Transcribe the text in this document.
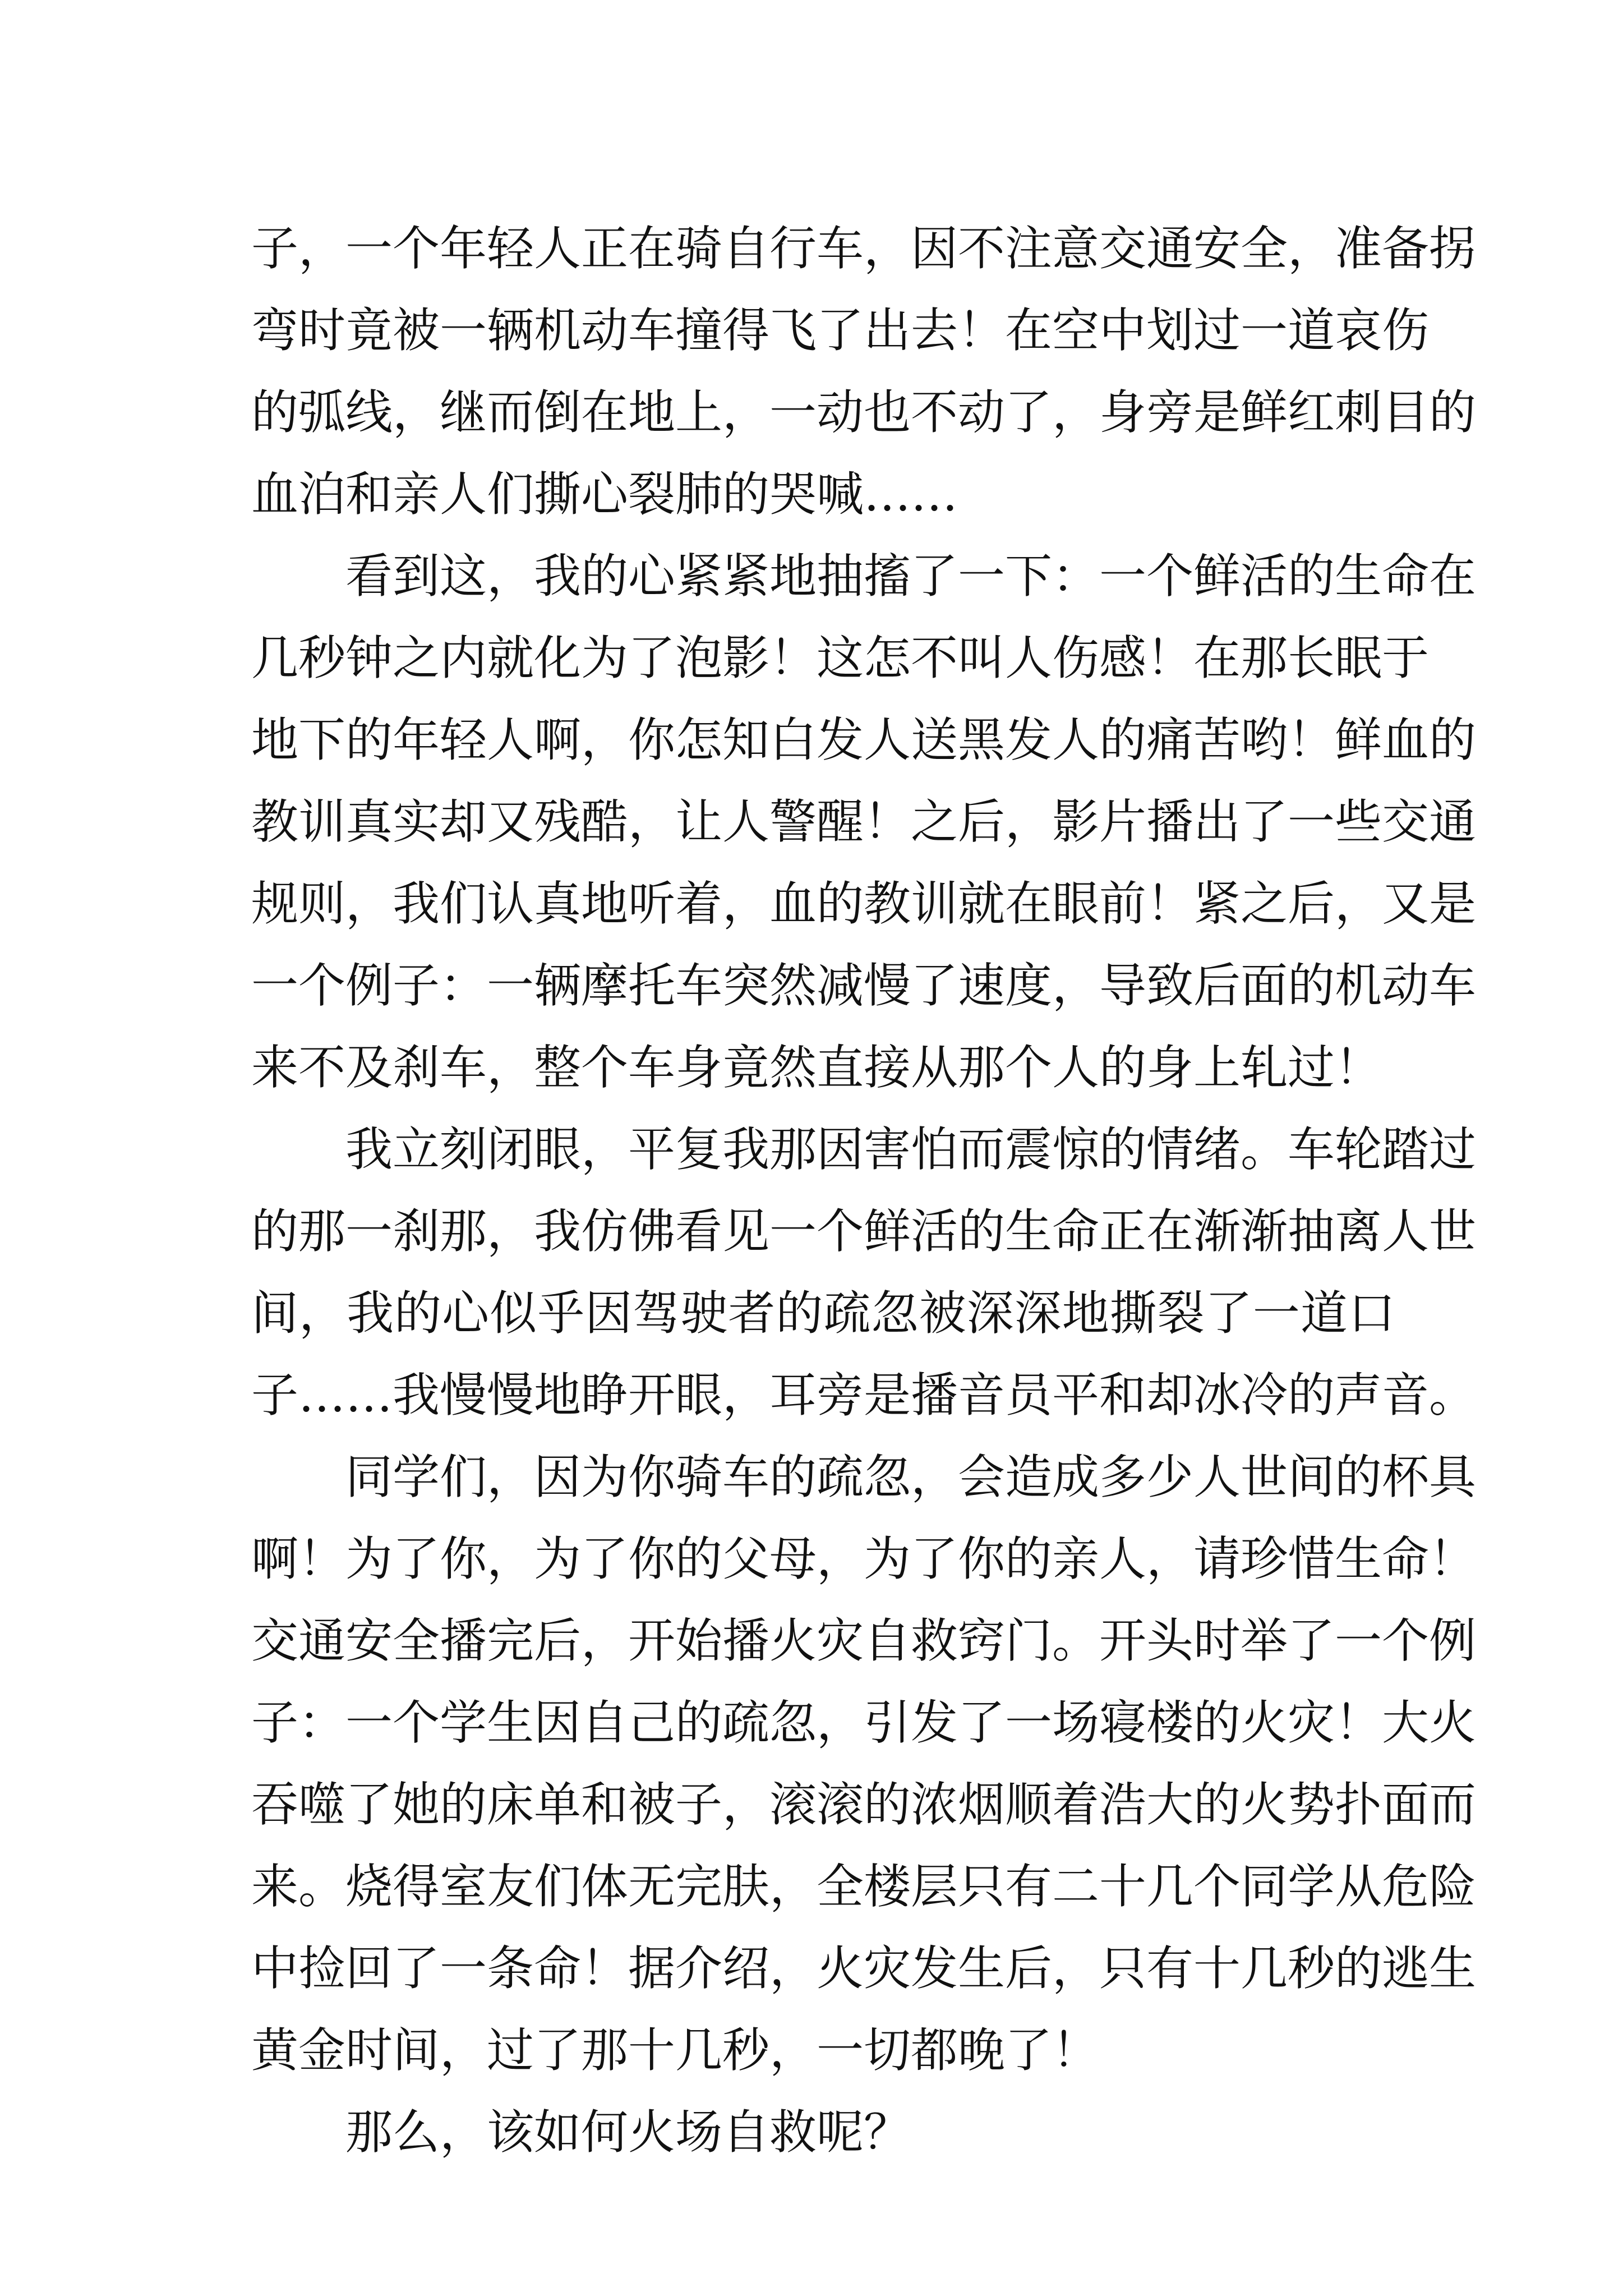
子，一个年轻人正在骑自行车，因不注意交通安全，准备拐
弯时竟被一辆机动车撞得飞了出去！在空中划过一道哀伤
的弧线，继而倒在地上，一动也不动了，身旁是鲜红刺目的
血泊和亲人们撕心裂肺的哭喊……
看到这，我的心紧紧地抽搐了一下：一个鲜活的生命在
几秒钟之内就化为了泡影！这怎不叫人伤感！在那长眠于
地下的年轻人啊，你怎知白发人送黑发人的痛苦哟！鲜血的
教训真实却又残酷，让人警醒！之后，影片播出了一些交通
规则，我们认真地听着，血的教训就在眼前！紧之后，又是
一个例子：一辆摩托车突然减慢了速度，导致后面的机动车
来不及刹车，整个车身竟然直接从那个人的身上轧过！
我立刻闭眼，平复我那因害怕而震惊的情绪。车轮踏过
的那一刹那，我仿佛看见一个鲜活的生命正在渐渐抽离人世
间，我的心似乎因驾驶者的疏忽被深深地撕裂了一道口
子……我慢慢地睁开眼，耳旁是播音员平和却冰冷的声音。
同学们，因为你骑车的疏忽，会造成多少人世间的杯具
啊！为了你，为了你的父母，为了你的亲人，请珍惜生命！
交通安全播完后，开始播火灾自救窍门。开头时举了一个例
子：一个学生因自己的疏忽，引发了一场寝楼的火灾！大火
吞噬了她的床单和被子，滚滚的浓烟顺着浩大的火势扑面而
来。烧得室友们体无完肤，全楼层只有二十几个同学从危险
中捡回了一条命！据介绍，火灾发生后，只有十几秒的逃生
黄金时间，过了那十几秒，一切都晚了！
那么，该如何火场自救呢？
